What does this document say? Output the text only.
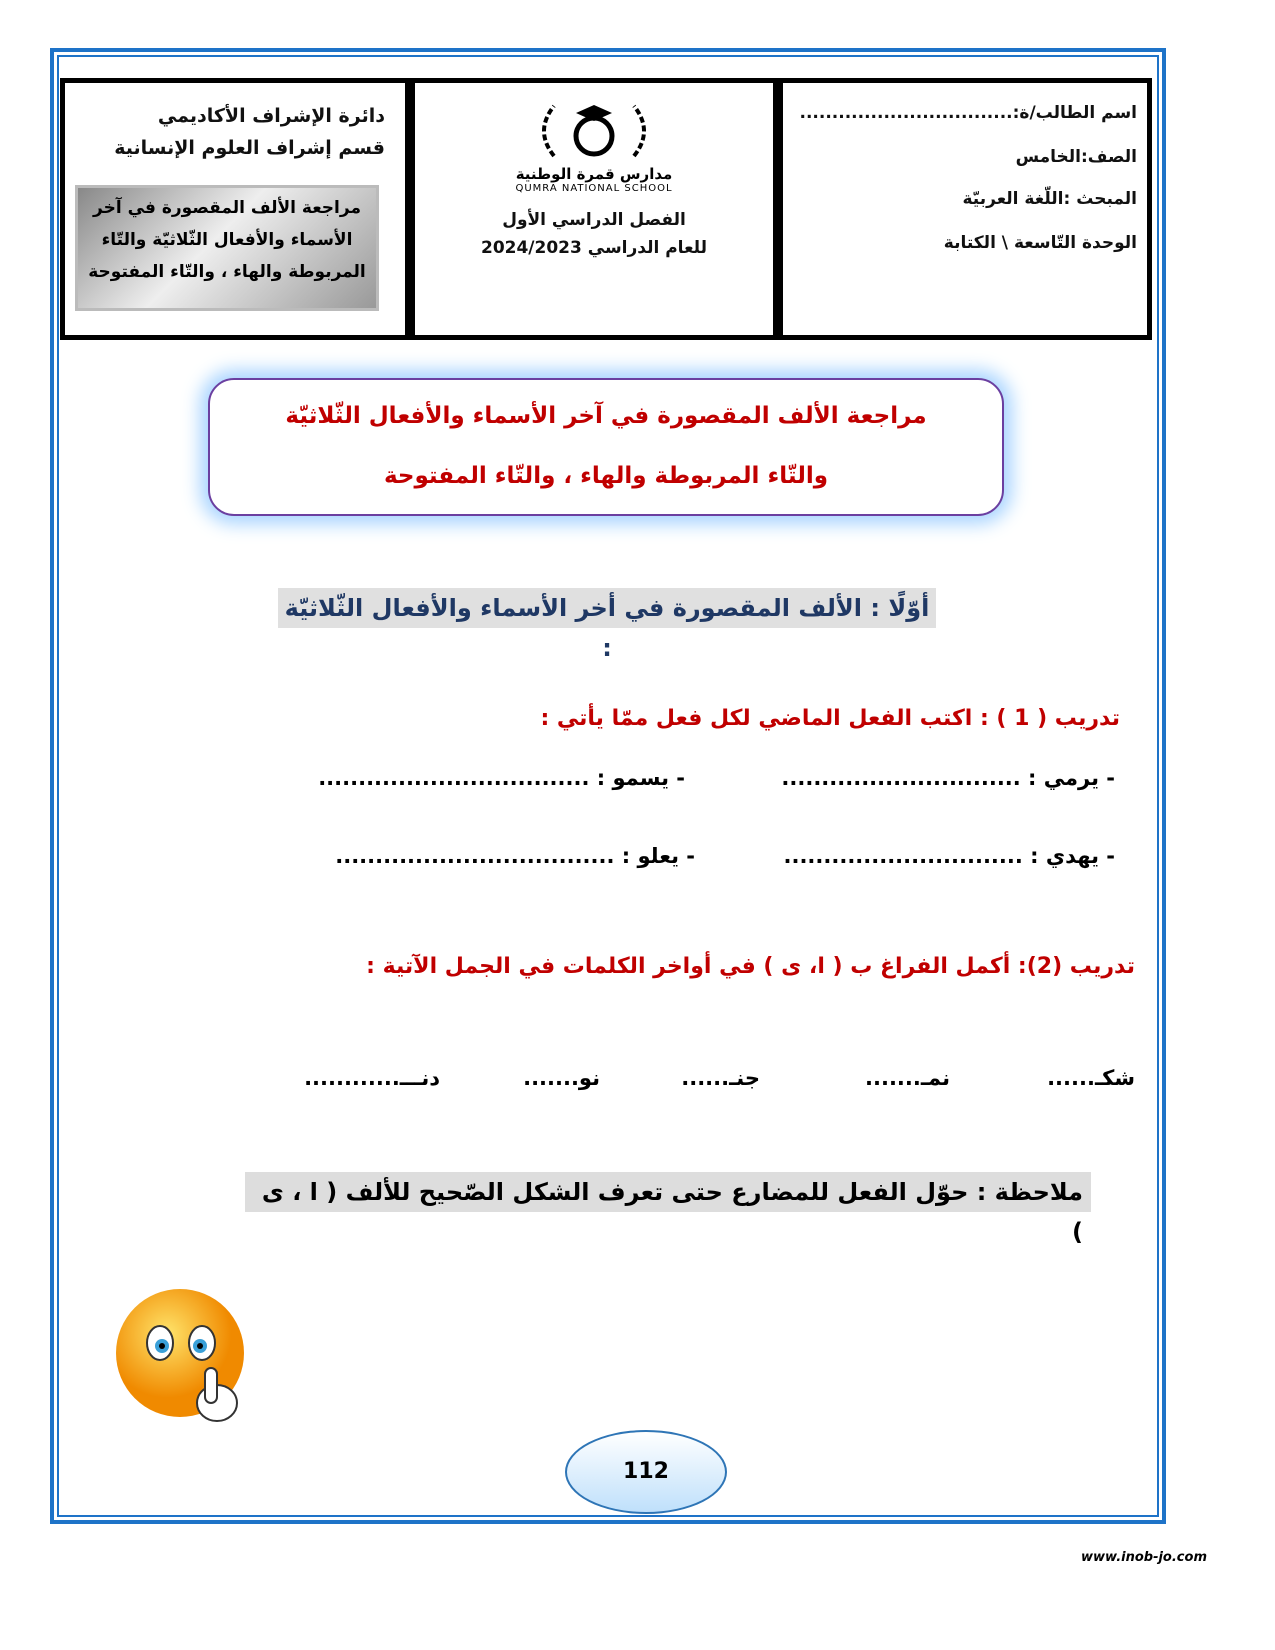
اسم الطالب/ة:.................................
الصف:الخامس
المبحث :اللّغة العربيّة
الوحدة التّاسعة \ الكتابة
مدارس قمرة الوطنية
QUMRA NATIONAL SCHOOL
الفصل الدراسي الأول
للعام الدراسي 2024/2023
دائرة الإشراف الأكاديمي
قسم إشراف العلوم الإنسانية
مراجعة الألف المقصورة في آخر
الأسماء والأفعال الثّلاثيّة والتّاء
المربوطة والهاء ، والتّاء المفتوحة
مراجعة الألف المقصورة في آخر الأسماء والأفعال الثّلاثيّة
والتّاء المربوطة والهاء ، والتّاء المفتوحة
أوّلًا : الألف المقصورة في أخر الأسماء والأفعال الثّلاثيّة :
تدريب ( 1 ) : اكتب الفعل الماضي لكل فعل ممّا يأتي :
- يرمي : ..............................
- يسمو : ..................................
- يهدي : ..............................
- يعلو : ...................................
تدريب (2): أكمل الفراغ ب ( ا، ى ) في أواخر الكلمات في الجمل الآتية :
شكـ......
نمـ.......
جنـ......
نو.......
دنـــ............
ملاحظة : حوّل الفعل للمضارع حتى تعرف الشكل الصّحيح للألف ( ا ، ى )
112
www.inob-jo.com
